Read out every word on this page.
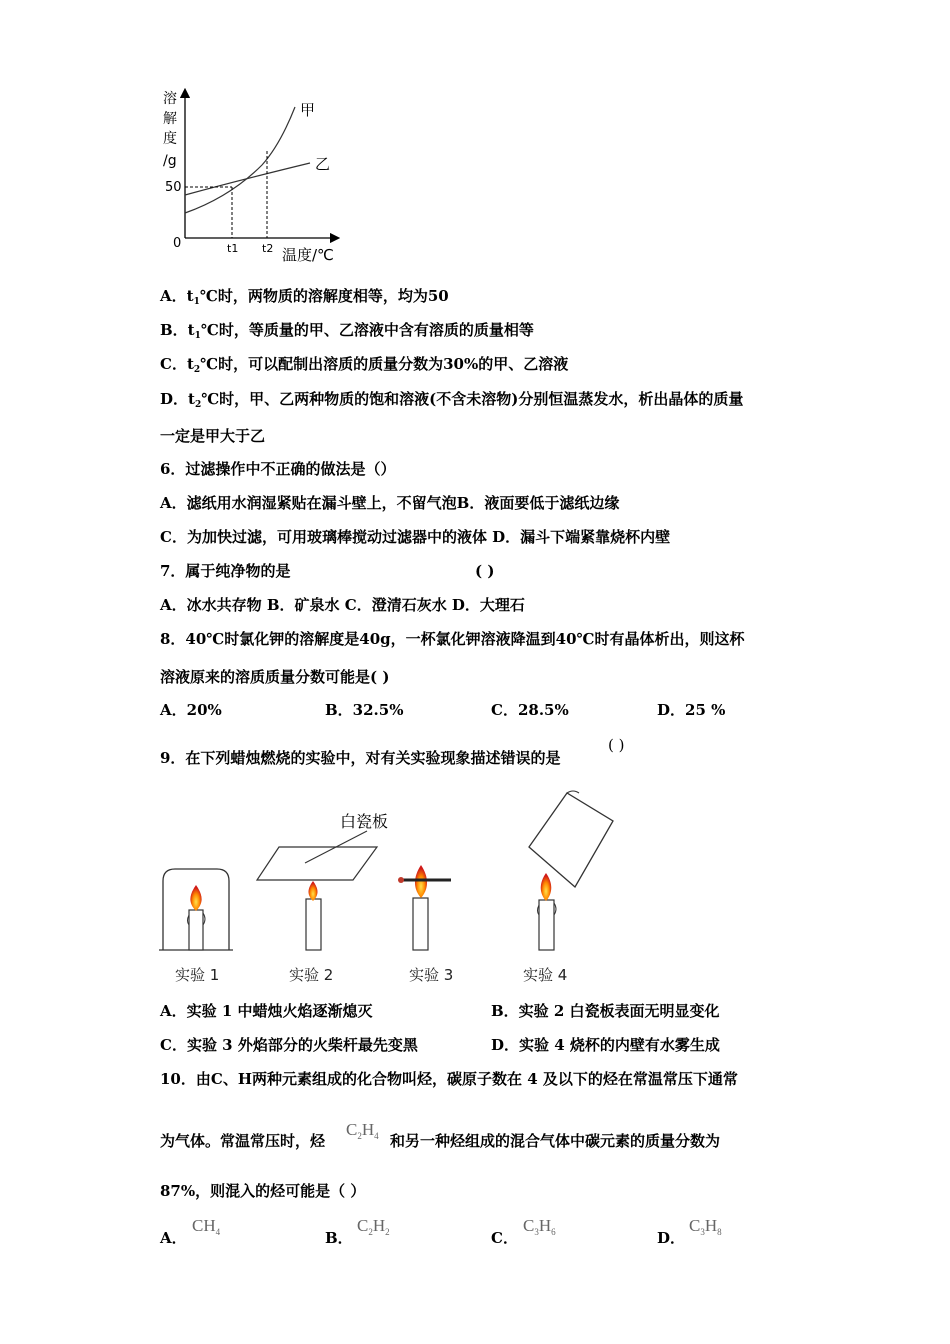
溶
解
度
/g
50
0	t1 t2 温度/℃
甲
乙
A．$t_1℃$时，两物质的溶解度相等，均为50
B．$t_1℃$时，等质量的甲、乙溶液中含有溶质的质量相等
C．$t_2℃$时，可以配制出溶质的质量分数为30%的甲、乙溶液
D．$t_2℃$时，甲、乙两种物质的饱和溶液(不含未溶物)分别恒温蒸发水，析出晶体的质量
一定是甲大于乙
6．过滤操作中不正确的做法是（）
A．滤纸用水润湿紧贴在漏斗壁上，不留气泡B．液面要低于滤纸边缘
C．为加快过滤，可用玻璃棒搅动过滤器中的液体 D．漏斗下端紧靠烧杯内壁
7．属于纯净物的是	( )
A．冰水共存物 B．矿泉水 C．澄清石灰水 D．大理石
8．40℃时氯化钾的溶解度是40g，一杯氯化钾溶液降温到40℃时有晶体析出，则这杯
溶液原来的溶质质量分数可能是( )
A．20%	B．32.5%	C．28.5%	D．25 %
9．在下列蜡烛燃烧的实验中，对有关实验现象描述错误的是
( )
白瓷板
实验 1	实验 2	实验 3	实验 4
A．实验 1 中蜡烛火焰逐渐熄灭	B．实验 2 白瓷板表面无明显变化
C．实验 3 外焰部分的火柴杆最先变黑	D．实验 4 烧杯的内壁有水雾生成
10．由C、H两种元素组成的化合物叫烃，碳原子数在 4 及以下的烃在常温常压下通常
为气体。常温常压时，烃
$C_2H_4$ 和另一种烃组成的混合气体中碳元素的质量分数为
87%，则混入的烃可能是（ ）
A．
$CH_4$	B．
$C_2H_2$	C．
$C_3H_6$	D．
$C_3H_8$
